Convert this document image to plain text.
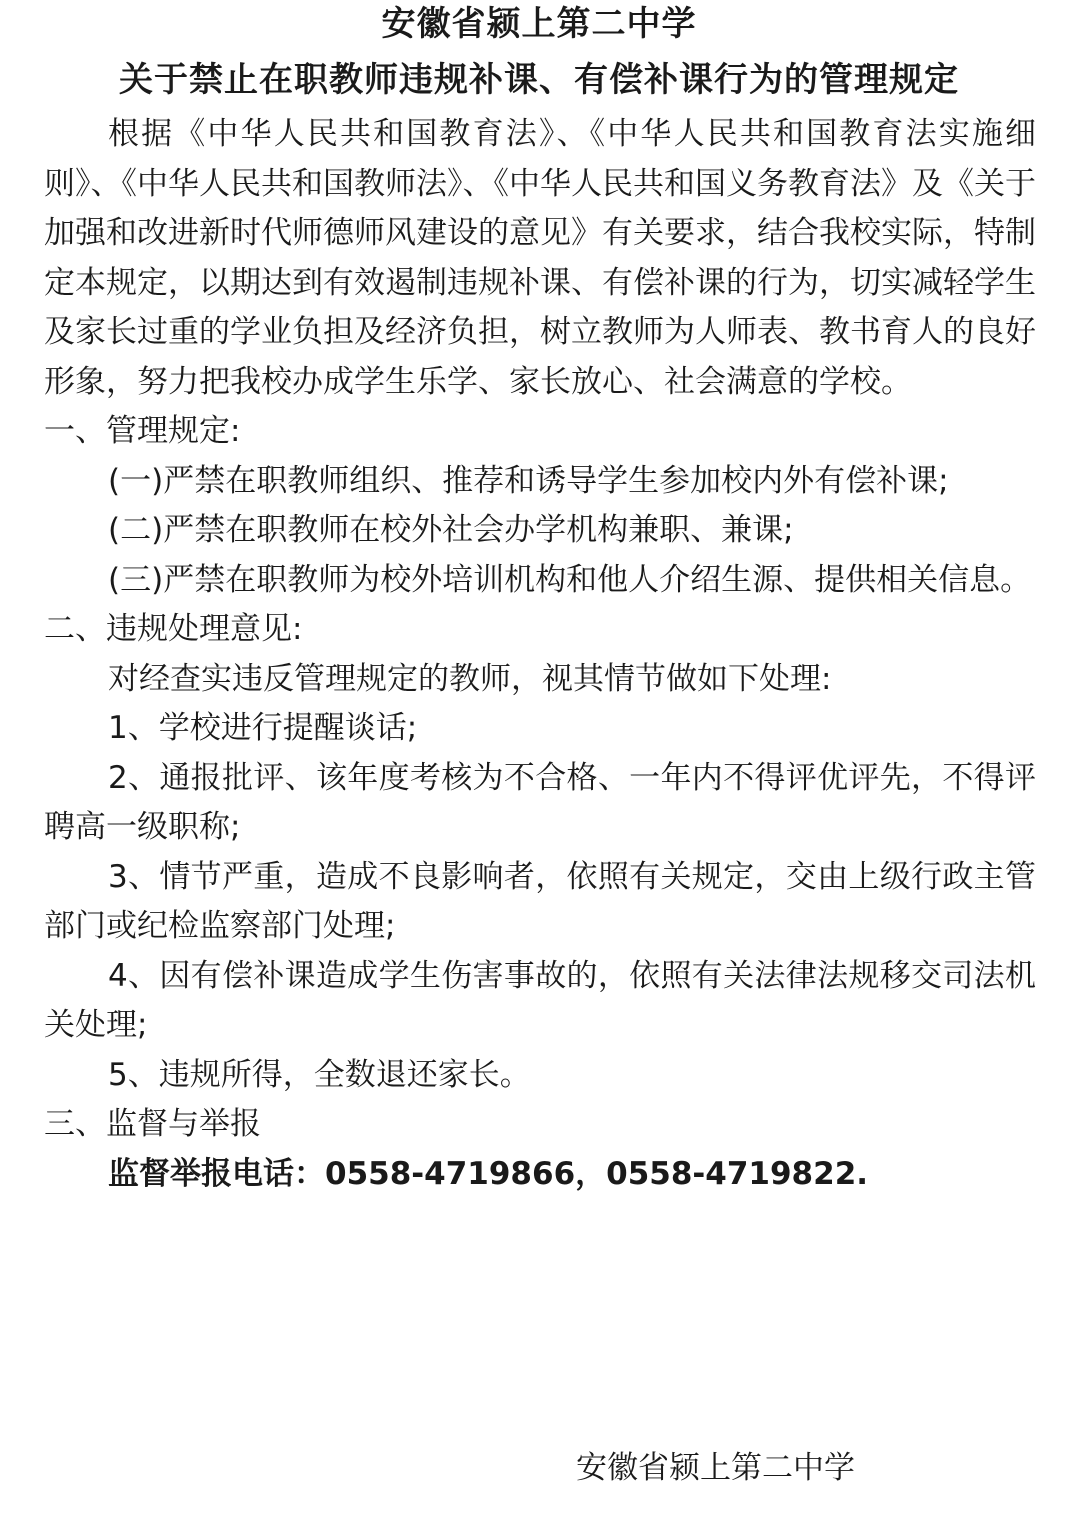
安徽省颍上第二中学
关于禁止在职教师违规补课、有偿补课行为的管理规定

根据《中华人民共和国教育法》、《中华人民共和国教育法实施细则》、《中华人民共和国教师法》、《中华人民共和国义务教育法》及《关于加强和改进新时代师德师风建设的意见》有关要求，结合我校实际，特制定本规定，以期达到有效遏制违规补课、有偿补课的行为，切实减轻学生及家长过重的学业负担及经济负担，树立教师为人师表、教书育人的良好形象，努力把我校办成学生乐学、家长放心、社会满意的学校。

一、管理规定:

(一)严禁在职教师组织、推荐和诱导学生参加校内外有偿补课;

(二)严禁在职教师在校外社会办学机构兼职、兼课;

(三)严禁在职教师为校外培训机构和他人介绍生源、提供相关信息。

二、违规处理意见:

对经查实违反管理规定的教师，视其情节做如下处理:

1、学校进行提醒谈话;

2、通报批评、该年度考核为不合格、一年内不得评优评先，不得评聘高一级职称;

3、情节严重，造成不良影响者，依照有关规定，交由上级行政主管部门或纪检监察部门处理;

4、因有偿补课造成学生伤害事故的，依照有关法律法规移交司法机关处理;

5、违规所得，全数退还家长。

三、监督与举报

监督举报电话：0558-4719866，0558-4719822.

安徽省颍上第二中学
